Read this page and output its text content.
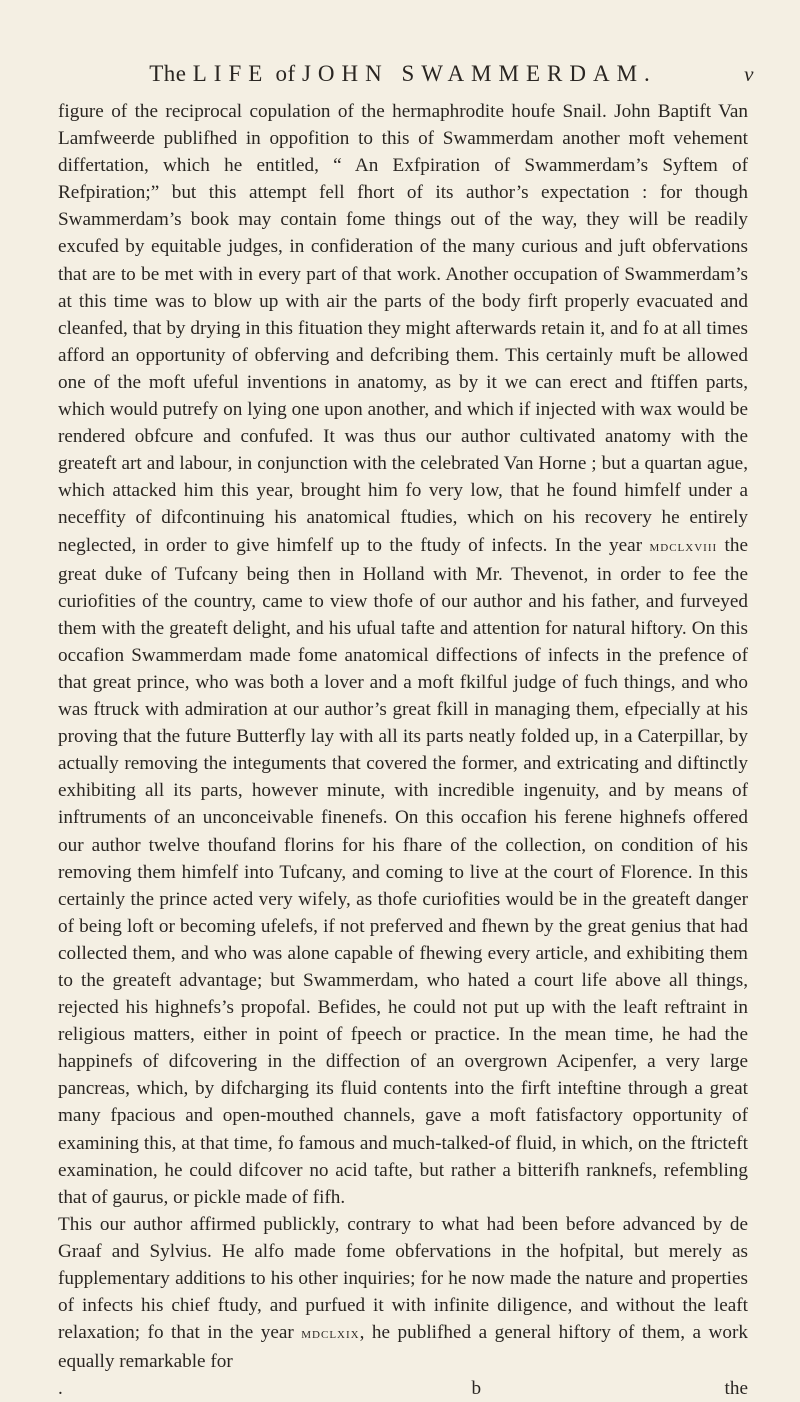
The LIFE of JOHN SWAMMERDAM.	v

figure of the reciprocal copulation of the hermaphrodite houfe Snail. John Baptift Van Lamfweerde publifhed in oppofition to this of Swammerdam another moft vehement differtation, which he entitled, “ An Exfpiration of Swammerdam’s Syftem of Refpiration;” but this attempt fell fhort of its author’s expectation : for though Swammerdam’s book may contain fome things out of the way, they will be readily excufed by equitable judges, in confideration of the many curious and juft obfervations that are to be met with in every part of that work. Another occupation of Swammerdam’s at this time was to blow up with air the parts of the body firft properly evacuated and cleanfed, that by drying in this fituation they might afterwards retain it, and fo at all times afford an opportunity of obferving and defcribing them. This certainly muft be allowed one of the moft ufeful inventions in anatomy, as by it we can erect and ftiffen parts, which would putrefy on lying one upon another, and which if injected with wax would be rendered obfcure and confufed. It was thus our author cultivated anatomy with the greateft art and labour, in conjunction with the celebrated Van Horne ; but a quartan ague, which attacked him this year, brought him fo very low, that he found himfelf under a neceffity of difcontinuing his anatomical ftudies, which on his recovery he entirely neglected, in order to give himfelf up to the ftudy of infects. In the year mdclxviii the great duke of Tufcany being then in Holland with Mr. Thevenot, in order to fee the curiofities of the country, came to view thofe of our author and his father, and furveyed them with the greateft delight, and his ufual tafte and attention for natural hiftory. On this occafion Swammerdam made fome anatomical diffections of infects in the prefence of that great prince, who was both a lover and a moft fkilful judge of fuch things, and who was ftruck with admiration at our author’s great fkill in managing them, efpecially at his proving that the future Butterfly lay with all its parts neatly folded up, in a Caterpillar, by actually removing the integuments that covered the former, and extricating and diftinctly exhibiting all its parts, however minute, with incredible ingenuity, and by means of inftruments of an unconceivable finenefs. On this occafion his ferene highnefs offered our author twelve thoufand florins for his fhare of the collection, on condition of his removing them himfelf into Tufcany, and coming to live at the court of Florence. In this certainly the prince acted very wifely, as thofe curiofities would be in the greateft danger of being loft or becoming ufelefs, if not preferved and fhewn by the great genius that had collected them, and who was alone capable of fhewing every article, and exhibiting them to the greateft advantage; but Swammerdam, who hated a court life above all things, rejected his highnefs’s propofal. Befides, he could not put up with the leaft reftraint in religious matters, either in point of fpeech or practice. In the mean time, he had the happinefs of difcovering in the diffection of an overgrown Acipenfer, a very large pancreas, which, by difcharging its fluid contents into the firft inteftine through a great many fpacious and open-mouthed channels, gave a moft fatisfactory opportunity of examining this, at that time, fo famous and much-talked-of fluid, in which, on the ftricteft examination, he could difcover no acid tafte, but rather a bitterifh ranknefs, refembling that of gaurus, or pickle made of fifh.

This our author affirmed publickly, contrary to what had been before advanced by de Graaf and Sylvius. He alfo made fome obfervations in the hofpital, but merely as fupplementary additions to his other inquiries; for he now made the nature and properties of infects his chief ftudy, and purfued it with infinite diligence, and without the leaft relaxation; fo that in the year mdclxix, he publifhed a general hiftory of them, a work equally remarkable for

.	b	the
